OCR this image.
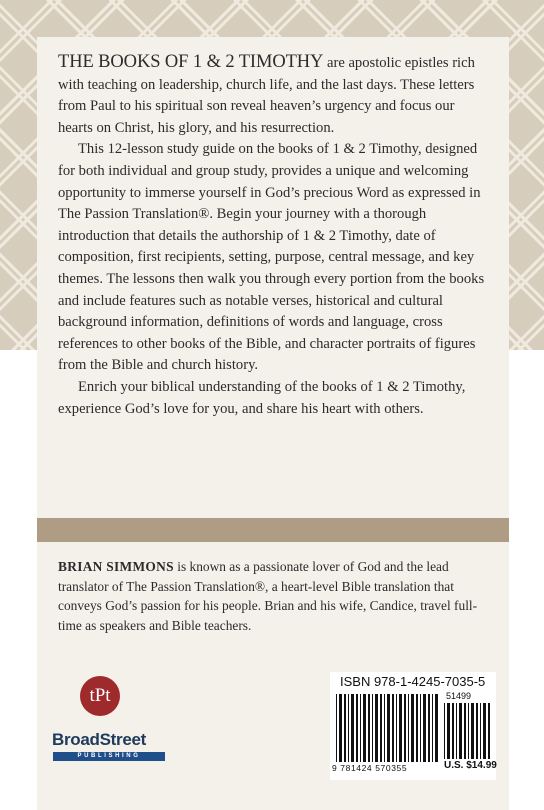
THE BOOKS OF 1 & 2 TIMOTHY are apostolic epistles rich with teaching on leadership, church life, and the last days. These letters from Paul to his spiritual son reveal heaven’s urgency and focus our hearts on Christ, his glory, and his resurrection.

This 12-lesson study guide on the books of 1 & 2 Timothy, designed for both individual and group study, provides a unique and welcoming opportunity to immerse yourself in God’s precious Word as expressed in The Passion Translation®. Begin your journey with a thorough introduction that details the authorship of 1 & 2 Timothy, date of composition, first recipients, setting, purpose, central message, and key themes. The lessons then walk you through every portion from the books and include features such as notable verses, historical and cultural background information, definitions of words and language, cross references to other books of the Bible, and character portraits of figures from the Bible and church history.

Enrich your biblical understanding of the books of 1 & 2 Timothy, experience God’s love for you, and share his heart with others.

BRIAN SIMMONS is known as a passionate lover of God and the lead translator of The Passion Translation®, a heart-level Bible translation that conveys God’s passion for his people. Brian and his wife, Candice, travel full-time as speakers and Bible teachers.

tPt
BroadStreet
PUBLISHING
ISBN 978-1-4245-7035-5
51499
9 781424 570355	U.S. $14.99
